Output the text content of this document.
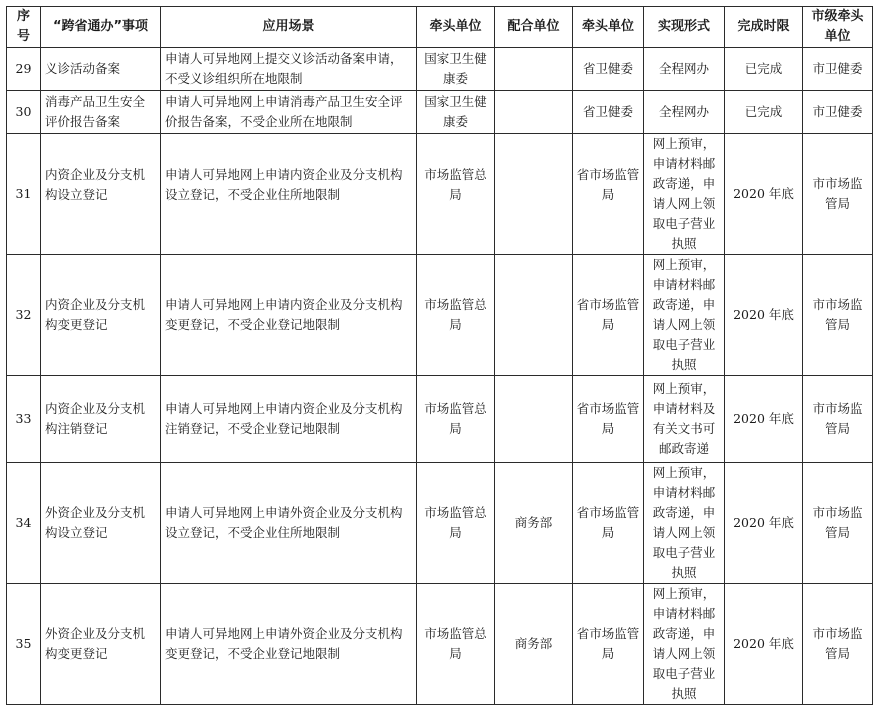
序号	“跨省通办”事项	应用场景	牵头单位	配合单位	牵头单位	实现形式	完成时限	市级牵头单位
29	义诊活动备案	申请人可异地网上提交义诊活动备案申请，不受义诊组织所在地限制	国家卫生健康委		省卫健委	全程网办	已完成	市卫健委
30	消毒产品卫生安全评价报告备案	申请人可异地网上申请消毒产品卫生安全评价报告备案，不受企业所在地限制	国家卫生健康委		省卫健委	全程网办	已完成	市卫健委
31	内资企业及分支机构设立登记	申请人可异地网上申请内资企业及分支机构设立登记，不受企业住所地限制	市场监管总局		省市场监管局	网上预审，申请材料邮政寄递，申请人网上领取电子营业执照	2020 年底	市市场监管局
32	内资企业及分支机构变更登记	申请人可异地网上申请内资企业及分支机构变更登记，不受企业登记地限制	市场监管总局		省市场监管局	网上预审，申请材料邮政寄递，申请人网上领取电子营业执照	2020 年底	市市场监管局
33	内资企业及分支机构注销登记	申请人可异地网上申请内资企业及分支机构注销登记，不受企业登记地限制	市场监管总局		省市场监管局	网上预审，申请材料及有关文书可邮政寄递	2020 年底	市市场监管局
34	外资企业及分支机构设立登记	申请人可异地网上申请外资企业及分支机构设立登记，不受企业住所地限制	市场监管总局	商务部	省市场监管局	网上预审，申请材料邮政寄递，申请人网上领取电子营业执照	2020 年底	市市场监管局
35	外资企业及分支机构变更登记	申请人可异地网上申请外资企业及分支机构变更登记，不受企业登记地限制	市场监管总局	商务部	省市场监管局	网上预审，申请材料邮政寄递，申请人网上领取电子营业执照	2020 年底	市市场监管局
